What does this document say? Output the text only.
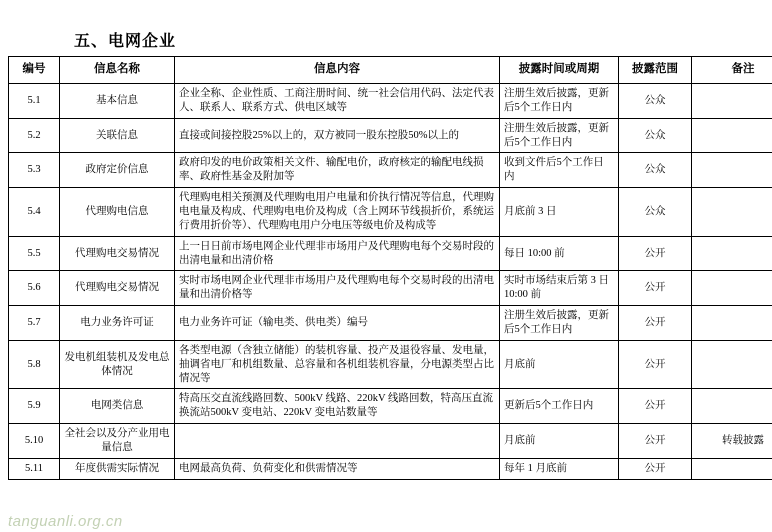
五、电网企业
编号	信息名称	信息内容	披露时间或周期	披露范围	备注
5.1	基本信息	企业全称、企业性质、工商注册时间、统一社会信用代码、法定代表人、联系人、联系方式、供电区域等	注册生效后披露，更新后5个工作日内	公众	
5.2	关联信息	直接或间接控股25%以上的，双方被同一股东控股50%以上的	注册生效后披露，更新后5个工作日内	公众	
5.3	政府定价信息	政府印发的电价政策相关文件、输配电价，政府核定的输配电线损率、政府性基金及附加等	收到文件后5个工作日内	公众	
5.4	代理购电信息	代理购电相关预测及代理购电用户电量和价执行情况等信息，代理购电电量及构成、代理购电电价及构成（含上网环节线损折价，系统运行费用折价等）、代理购电用户分电压等级电价及构成等	月底前 3 日	公众	
5.5	代理购电交易情况	上一日日前市场电网企业代理非市场用户及代理购电每个交易时段的出清电量和出清价格	每日 10:00 前	公开	
5.6	代理购电交易情况	实时市场电网企业代理非市场用户及代理购电每个交易时段的出清电量和出清价格等	实时市场结束后第 3 日 10:00 前	公开	
5.7	电力业务许可证	电力业务许可证（输电类、供电类）编号	注册生效后披露，更新后5个工作日内	公开	
5.8	发电机组装机及发电总体情况	各类型电源（含独立储能）的装机容量、投产及退役容量、发电量，抽调省电厂和机组数量、总容量和各机组装机容量，分电源类型占比情况等	月底前	公开	
5.9	电网类信息	特高压交直流线路回数、500kV 线路、220kV 线路回数，特高压直流换流站500kV 变电站、220kV 变电站数量等	更新后5个工作日内	公开	
5.10	全社会以及分产业用电量信息		月底前	公开	转载披露
5.11	年度供需实际情况	电网最高负荷、负荷变化和供需情况等	每年 1 月底前	公开	
tanguanli.org.cn
